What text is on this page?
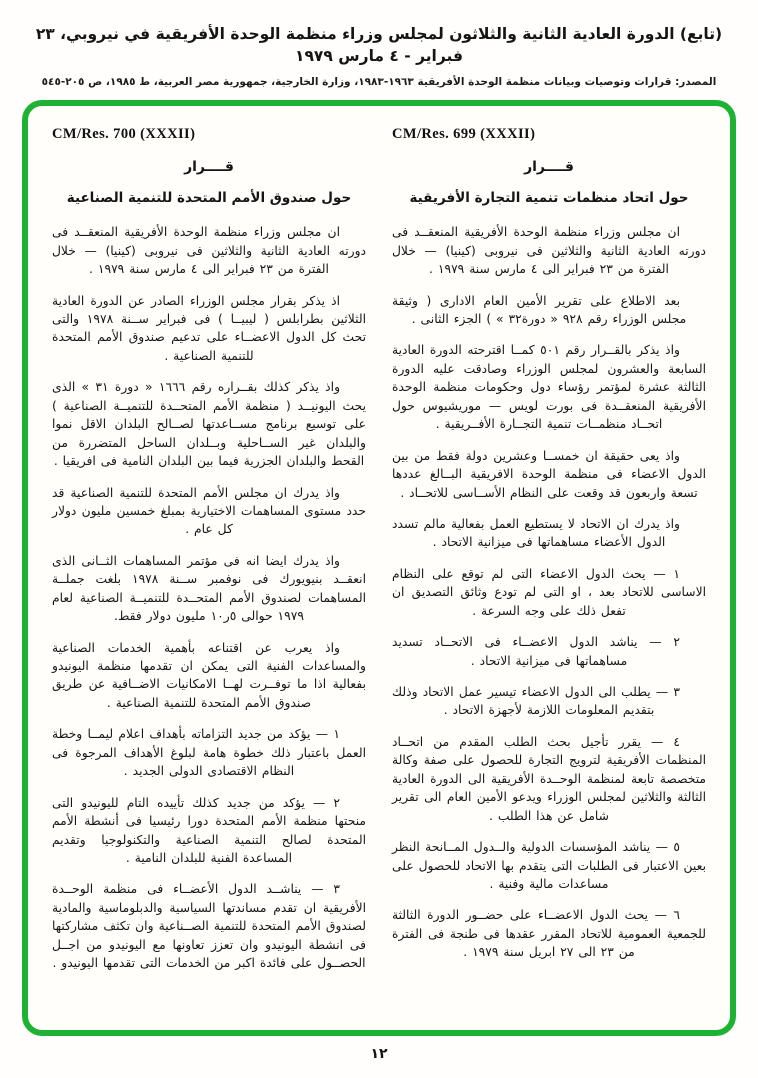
(تابع) الدورة العادية الثانية والثلاثون لمجلس وزراء منظمة الوحدة الأفريقية في نيروبي، ٢٣ فبراير - ٤ مارس ١٩٧٩
المصدر: قرارات وتوصيات وبيانات منظمة الوحدة الأفريقية ١٩٦٣-١٩٨٣، وزارة الخارجية، جمهورية مصر العربية، ط ١٩٨٥، ص ٢٠٥-٥٤٥
CM/Res. 699 (XXXII)
قــــرار
حول اتحاد منظمات تنمية التجارة الأفريقية

ان مجلس وزراء منظمة الوحدة الأفريقية المنعقــد فى دورته العادية الثانية والثلاثين فى نيروبى (كينيا) — خلال الفترة من ٢٣ فبراير الى ٤ مارس سنة ١٩٧٩ .

بعد الاطلاع على تقرير الأمين العام الادارى ( وثيقة مجلس الوزراء رقم ٩٢٨ « دورة٣٢ » ) الجزء الثانى .

واذ يذكر بالقــرار رقم ٥٠١ كمــا اقترحته الدورة العادية السابعة والعشرون لمجلس الوزراء وصادقت عليه الدورة الثالثة عشرة لمؤتمر رؤساء دول وحكومات منظمة الوحدة الأفريقية المنعقــدة فى بورت لويس — موريشيوس حول اتحــاد منظمــات تنمية التجــارة الأفــريقية .

واذ يعى حقيقة ان خمســا وعشرين دولة فقط من بين الدول الاعضاء فى منظمة الوحدة الافريقية البــالغ عددها تسعة واربعون قد وقعت على النظام الأســاسى للاتحــاد .

واذ يدرك ان الاتحاد لا يستطيع العمل بفعالية مالم تسدد الدول الأعضاء مساهماتها فى ميزانية الاتحاد .

١ — يحث الدول الاعضاء التى لم توقع على النظام الاساسى للاتحاد بعد ، او التى لم تودع وثائق التصديق ان تفعل ذلك على وجه السرعة .

٢ — يناشد الدول الاعضــاء فى الاتحــاد تسديد مساهماتها فى ميزانية الاتحاد .

٣ — يطلب الى الدول الاعضاء تيسير عمل الاتحاد وذلك بتقديم المعلومات اللازمة لأجهزة الاتحاد .

٤ — يقرر تأجيل بحث الطلب المقدم من اتحــاد المنظمات الأفريقية لترويج التجارة للحصول على صفة وكالة متخصصة تابعة لمنظمة الوحــدة الأفريقية الى الدورة العادية الثالثة والثلاثين لمجلس الوزراء ويدعو الأمين العام الى تقرير شامل عن هذا الطلب .

٥ — يناشد المؤسسات الدولية والــدول المــانحة النظر بعين الاعتبار فى الطلبات التى يتقدم بها الاتحاد للحصول على مساعدات مالية وفنية .

٦ — يحث الدول الاعضــاء على حضــور الدورة الثالثة للجمعية العمومية للاتحاد المقرر عقدها فى طنجة فى الفترة من ٢٣ الى ٢٧ ابريل سنة ١٩٧٩ .

CM/Res. 700 (XXXII)
قــــرار
حول صندوق الأمم المتحدة للتنمية الصناعية

ان مجلس وزراء منظمة الوحدة الأفريقية المنعقــد فى دورته العادية الثانية والثلاثين فى نيروبى (كينيا) — خلال الفترة من ٢٣ فبراير الى ٤ مارس سنة ١٩٧٩ .

اذ يذكر بقرار مجلس الوزراء الصادر عن الدورة العادية الثلاثين بطرابلس ( ليبيــا ) فى فبراير ســنة ١٩٧٨ والتى تحث كل الدول الاعضــاء على تدعيم صندوق الأمم المتحدة للتنمية الصناعية .

واذ يذكر كذلك بقــراره رقم ١٦٦٦ « دورة ٣١ » الذى يحث اليونيــد ( منظمة الأمم المتحــدة للتنميــة الصناعية ) على توسيع برنامج مســاعدتها لصــالح البلدان الاقل نموا والبلدان غير الســاحلية وبــلدان الساحل المتضررة من القحط والبلدان الجزرية فيما بين البلدان النامية فى افريقيا .

واذ يدرك ان مجلس الأمم المتحدة للتنمية الصناعية قد حدد مستوى المساهمات الاختيارية بمبلغ خمسين مليون دولار كل عام .

واذ يدرك ايضا انه فى مؤتمر المساهمات الثــانى الذى انعقــد بنيويورك فى نوفمبر ســنة ١٩٧٨ بلغت جملــة المساهمات لصندوق الأمم المتحــدة للتنميــة الصناعية لعام ١٩٧٩ حوالى ٥ر١٠ مليون دولار فقط.

واذ يعرب عن اقتناعه بأهمية الخدمات الصناعية والمساعدات الفنية التى يمكن ان تقدمها منظمة اليونيدو بفعالية اذا ما توفــرت لهــا الامكانيات الاضــافية عن طريق صندوق الأمم المتحدة للتنمية الصناعية .

١ — يؤكد من جديد التزاماته بأهداف اعلام ليمــا وخطة العمل باعتبار ذلك خطوة هامة لبلوغ الأهداف المرجوة فى النظام الاقتصادى الدولى الجديد .

٢ — يؤكد من جديد كذلك تأييده التام لليونيدو التى منحتها منظمة الأمم المتحدة دورا رئيسيا فى أنشطة الأمم المتحدة لصالح التنمية الصناعية والتكنولوجيا وتقديم المساعدة الفنية للبلدان النامية .

٣ — يناشــد الدول الأعضــاء فى منظمة الوحــدة الأفريقية ان تقدم مساندتها السياسية والدبلوماسية والمادية لصندوق الأمم المتحدة للتنمية الصــناعية وان تكثف مشاركتها فى انشطة اليونيدو وان تعزز تعاونها مع اليونيدو من اجــل الحصــول على فائدة اكبر من الخدمات التى تقدمها اليونيدو .

١٢
